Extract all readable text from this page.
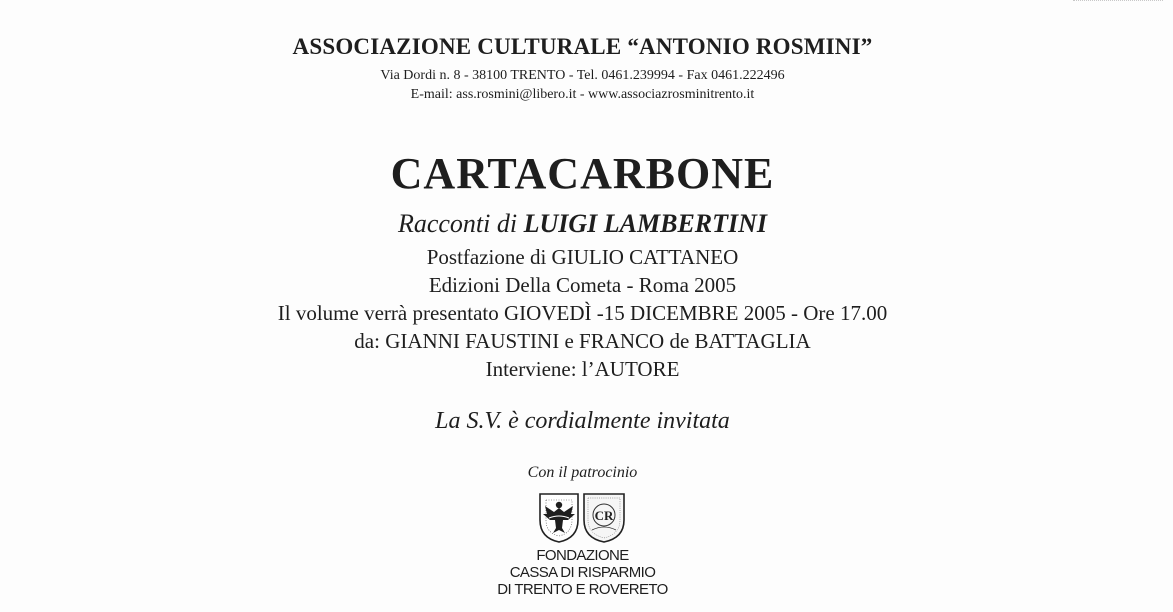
ASSOCIAZIONE CULTURALE “ANTONIO ROSMINI”
Via Dordi n. 8 - 38100 TRENTO - Tel. 0461.239994 - Fax 0461.222496
E-mail: ass.rosmini@libero.it - www.associazrosminitrento.it
CARTACARBONE
Racconti di LUIGI LAMBERTINI
Postfazione di GIULIO CATTANEO
Edizioni Della Cometa - Roma 2005
Il volume verrà presentato GIOVEDÌ -15 DICEMBRE 2005 - Ore 17.00
da: GIANNI FAUSTINI e FRANCO de BATTAGLIA
Interviene: l’AUTORE
La S.V. è cordialmente invitata
Con il patrocinio
CR
FONDAZIONE
CASSA DI RISPARMIO
DI TRENTO E ROVERETO
